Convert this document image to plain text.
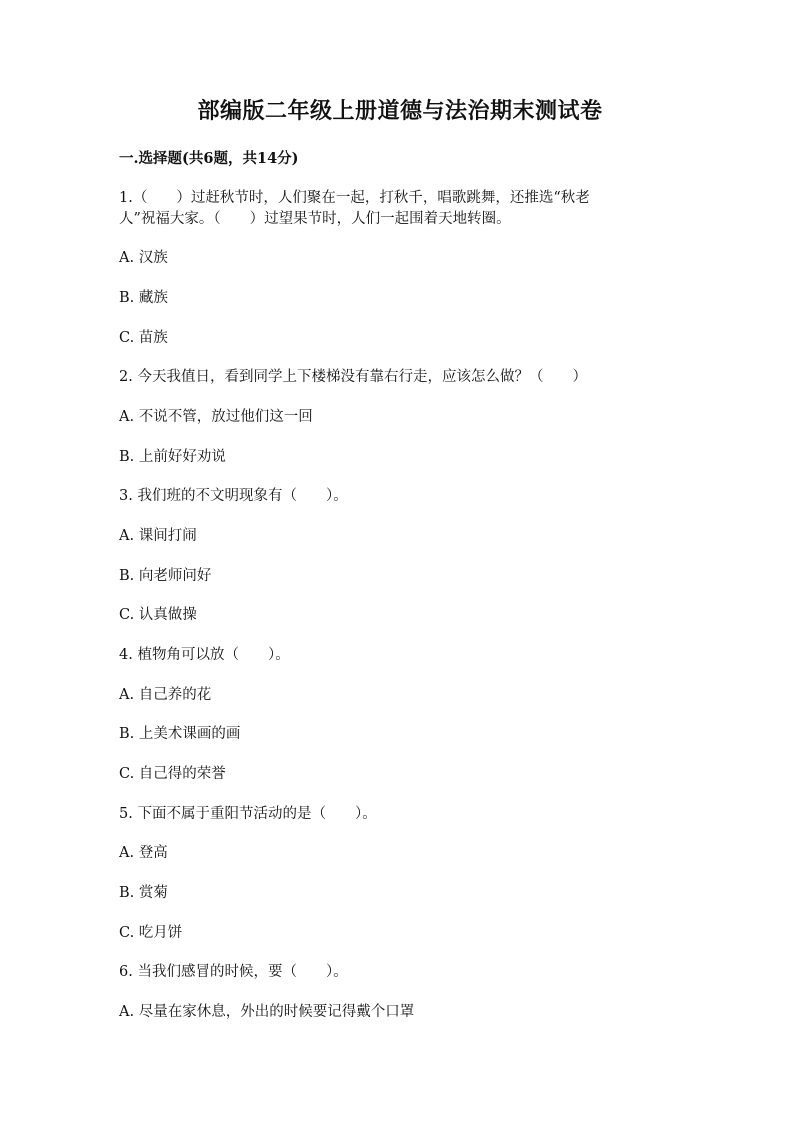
部编版二年级上册道德与法治期末测试卷
一.选择题(共6题，共14分)
1.（　　）过赶秋节时，人们聚在一起，打秋千，唱歌跳舞，还推选“秋老
人”祝福大家。（　　）过望果节时，人们一起围着天地转圈。
A. 汉族
B. 藏族
C. 苗族
2. 今天我值日，看到同学上下楼梯没有靠右行走，应该怎么做？（　　）
A. 不说不管，放过他们这一回
B. 上前好好劝说
3. 我们班的不文明现象有（　　）。
A. 课间打闹
B. 向老师问好
C. 认真做操
4. 植物角可以放（　　）。
A. 自己养的花
B. 上美术课画的画
C. 自己得的荣誉
5. 下面不属于重阳节活动的是（　　）。
A. 登高
B. 赏菊
C. 吃月饼
6. 当我们感冒的时候，要（　　）。
A. 尽量在家休息，外出的时候要记得戴个口罩
